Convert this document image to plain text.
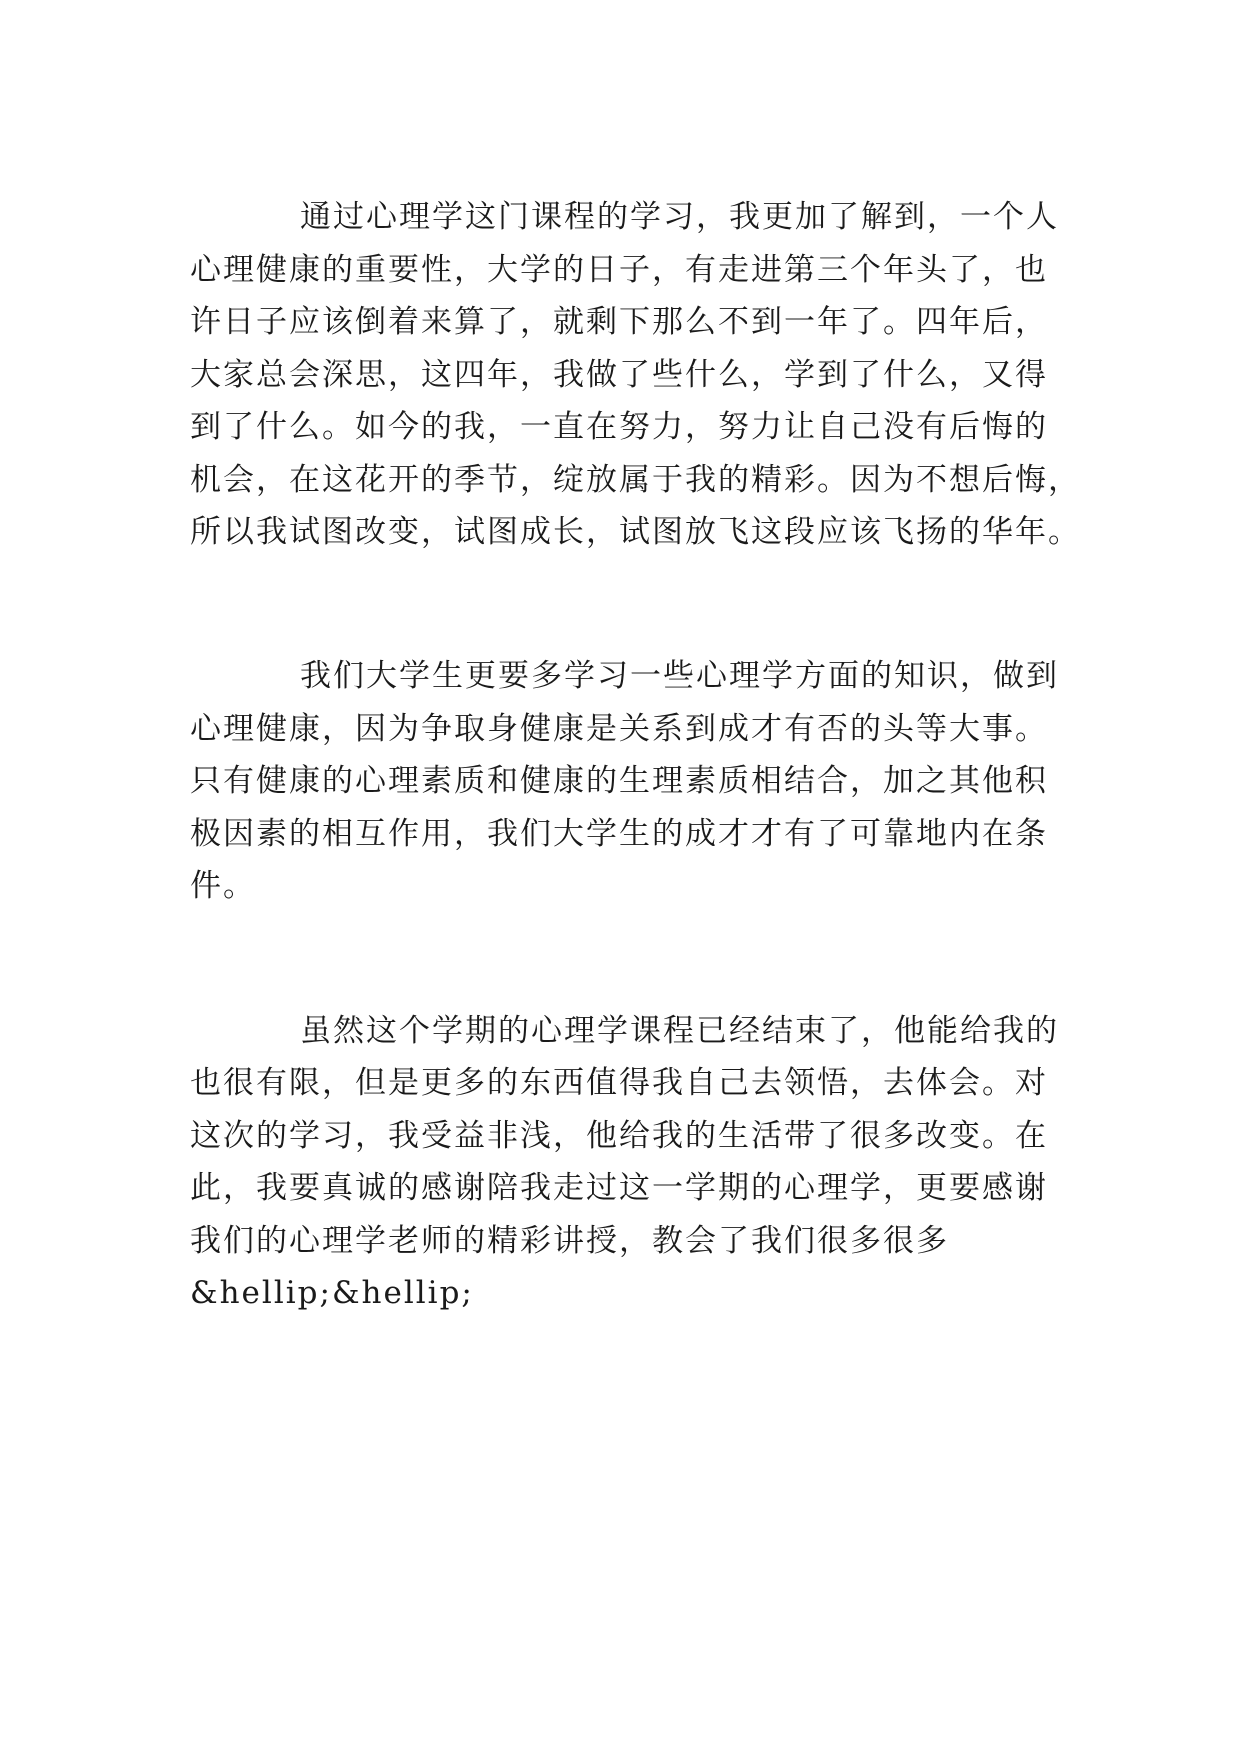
通过心理学这门课程的学习，我更加了解到，一个人
心理健康的重要性，大学的日子，有走进第三个年头了，也
许日子应该倒着来算了，就剩下那么不到一年了。四年后，
大家总会深思，这四年，我做了些什么，学到了什么，又得
到了什么。如今的我，一直在努力，努力让自己没有后悔的
机会，在这花开的季节，绽放属于我的精彩。因为不想后悔，
所以我试图改变，试图成长，试图放飞这段应该飞扬的华年。
我们大学生更要多学习一些心理学方面的知识，做到
心理健康，因为争取身健康是关系到成才有否的头等大事。
只有健康的心理素质和健康的生理素质相结合，加之其他积
极因素的相互作用，我们大学生的成才才有了可靠地内在条
件。
虽然这个学期的心理学课程已经结束了，他能给我的
也很有限，但是更多的东西值得我自己去领悟，去体会。对
这次的学习，我受益非浅，他给我的生活带了很多改变。在
此，我要真诚的感谢陪我走过这一学期的心理学，更要感谢
我们的心理学老师的精彩讲授，教会了我们很多很多
&hellip;&hellip;
